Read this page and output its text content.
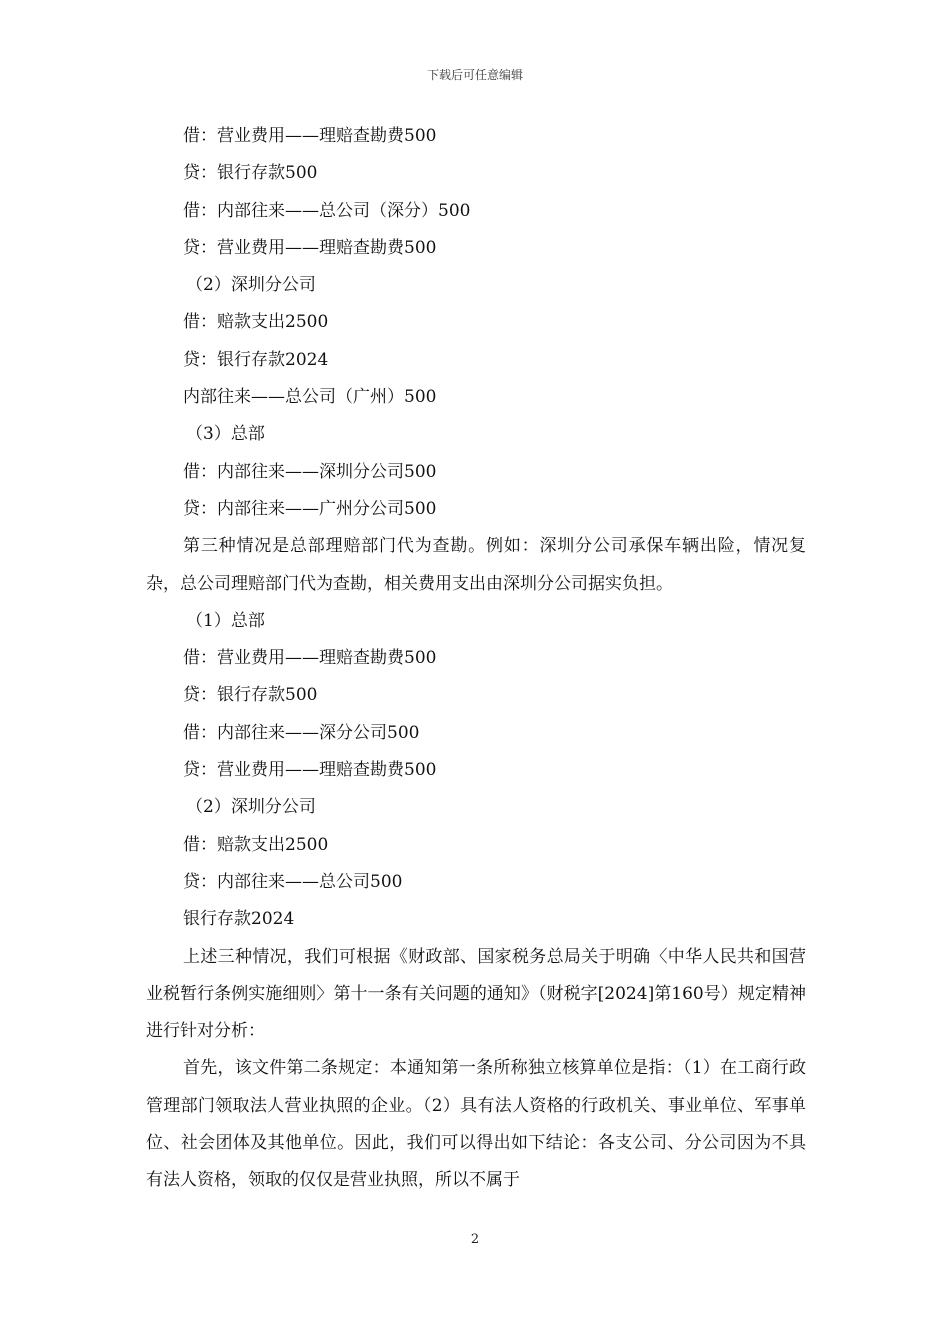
下载后可任意编辑
借：营业费用——理赔查勘费500
贷：银行存款500
借：内部往来——总公司（深分）500
贷：营业费用——理赔查勘费500
（2）深圳分公司
借：赔款支出2500
贷：银行存款2024
内部往来——总公司（广州）500
（3）总部
借：内部往来——深圳分公司500
贷：内部往来——广州分公司500
第三种情况是总部理赔部门代为查勘。例如：深圳分公司承保车辆出险，情况复杂，总公司理赔部门代为查勘，相关费用支出由深圳分公司据实负担。
（1）总部
借：营业费用——理赔查勘费500
贷：银行存款500
借：内部往来——深分公司500
贷：营业费用——理赔查勘费500
（2）深圳分公司
借：赔款支出2500
贷：内部往来——总公司500
银行存款2024
上述三种情况，我们可根据《财政部、国家税务总局关于明确〈中华人民共和国营业税暂行条例实施细则〉第十一条有关问题的通知》（财税字[2024]第160号）规定精神进行针对分析：
首先，该文件第二条规定：本通知第一条所称独立核算单位是指：（1）在工商行政管理部门领取法人营业执照的企业。（2）具有法人资格的行政机关、事业单位、军事单位、社会团体及其他单位。因此，我们可以得出如下结论：各支公司、分公司因为不具有法人资格，领取的仅仅是营业执照，所以不属于
2
